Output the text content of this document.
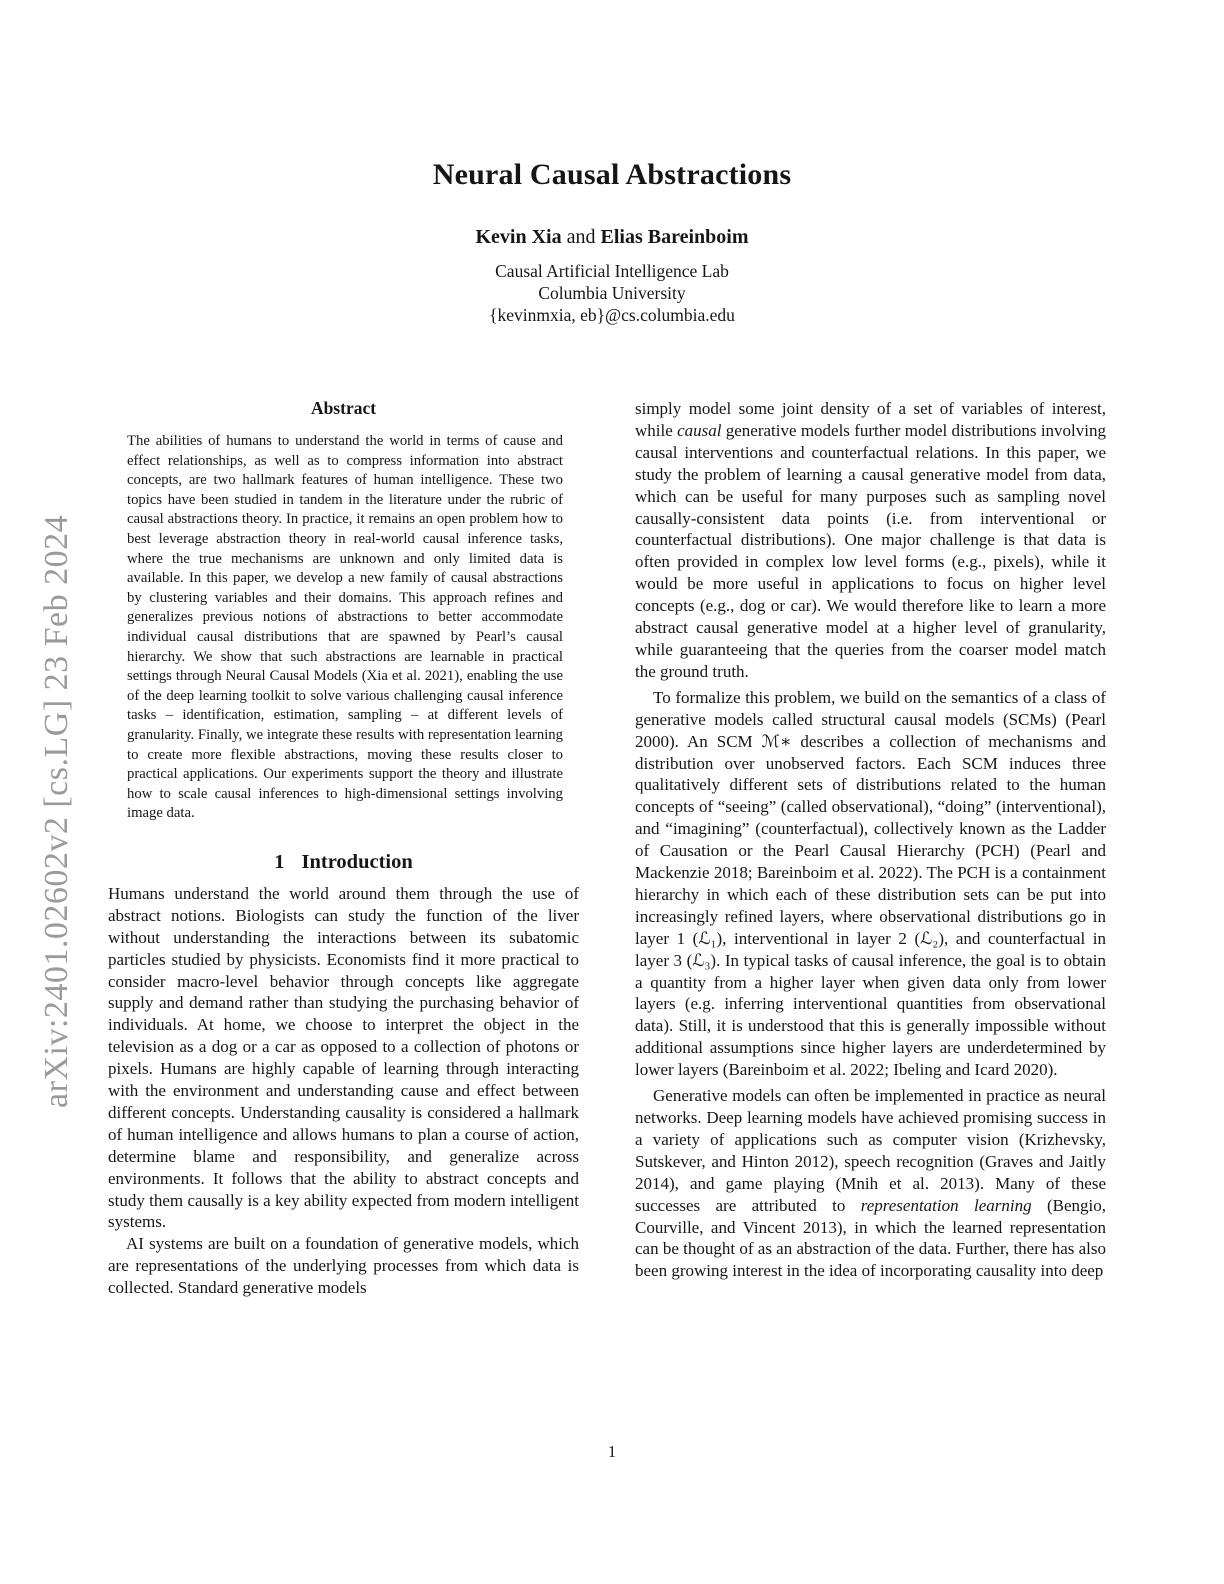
arXiv:2401.02602v2 [cs.LG] 23 Feb 2024
Neural Causal Abstractions
Kevin Xia and Elias Bareinboim
Causal Artificial Intelligence Lab
Columbia University
{kevinmxia, eb}@cs.columbia.edu
Abstract
The abilities of humans to understand the world in terms of cause and effect relationships, as well as to compress information into abstract concepts, are two hallmark features of human intelligence. These two topics have been studied in tandem in the literature under the rubric of causal abstractions theory. In practice, it remains an open problem how to best leverage abstraction theory in real-world causal inference tasks, where the true mechanisms are unknown and only limited data is available. In this paper, we develop a new family of causal abstractions by clustering variables and their domains. This approach refines and generalizes previous notions of abstractions to better accommodate individual causal distributions that are spawned by Pearl’s causal hierarchy. We show that such abstractions are learnable in practical settings through Neural Causal Models (Xia et al. 2021), enabling the use of the deep learning toolkit to solve various challenging causal inference tasks – identification, estimation, sampling – at different levels of granularity. Finally, we integrate these results with representation learning to create more flexible abstractions, moving these results closer to practical applications. Our experiments support the theory and illustrate how to scale causal inferences to high-dimensional settings involving image data.
1 Introduction

Humans understand the world around them through the use of abstract notions. Biologists can study the function of the liver without understanding the interactions between its subatomic particles studied by physicists. Economists find it more practical to consider macro-level behavior through concepts like aggregate supply and demand rather than studying the purchasing behavior of individuals. At home, we choose to interpret the object in the television as a dog or a car as opposed to a collection of photons or pixels. Humans are highly capable of learning through interacting with the environment and understanding cause and effect between different concepts. Understanding causality is considered a hallmark of human intelligence and allows humans to plan a course of action, determine blame and responsibility, and generalize across environments. It follows that the ability to abstract concepts and study them causally is a key ability expected from modern intelligent systems.

AI systems are built on a foundation of generative models, which are representations of the underlying processes from which data is collected. Standard generative models

simply model some joint density of a set of variables of interest, while causal generative models further model distributions involving causal interventions and counterfactual relations. In this paper, we study the problem of learning a causal generative model from data, which can be useful for many purposes such as sampling novel causally-consistent data points (i.e. from interventional or counterfactual distributions). One major challenge is that data is often provided in complex low level forms (e.g., pixels), while it would be more useful in applications to focus on higher level concepts (e.g., dog or car). We would therefore like to learn a more abstract causal generative model at a higher level of granularity, while guaranteeing that the queries from the coarser model match the ground truth.

To formalize this problem, we build on the semantics of a class of generative models called structural causal models (SCMs) (Pearl 2000). An SCM ℳ∗ describes a collection of mechanisms and distribution over unobserved factors. Each SCM induces three qualitatively different sets of distributions related to the human concepts of “seeing” (called observational), “doing” (interventional), and “imagining” (counterfactual), collectively known as the Ladder of Causation or the Pearl Causal Hierarchy (PCH) (Pearl and Mackenzie 2018; Bareinboim et al. 2022). The PCH is a containment hierarchy in which each of these distribution sets can be put into increasingly refined layers, where observational distributions go in layer 1 (ℒ₁), interventional in layer 2 (ℒ₂), and counterfactual in layer 3 (ℒ₃). In typical tasks of causal inference, the goal is to obtain a quantity from a higher layer when given data only from lower layers (e.g. inferring interventional quantities from observational data). Still, it is understood that this is generally impossible without additional assumptions since higher layers are underdetermined by lower layers (Bareinboim et al. 2022; Ibeling and Icard 2020).

Generative models can often be implemented in practice as neural networks. Deep learning models have achieved promising success in a variety of applications such as computer vision (Krizhevsky, Sutskever, and Hinton 2012), speech recognition (Graves and Jaitly 2014), and game playing (Mnih et al. 2013). Many of these successes are attributed to representation learning (Bengio, Courville, and Vincent 2013), in which the learned representation can be thought of as an abstraction of the data. Further, there has also been growing interest in the idea of incorporating causality into deep

1
